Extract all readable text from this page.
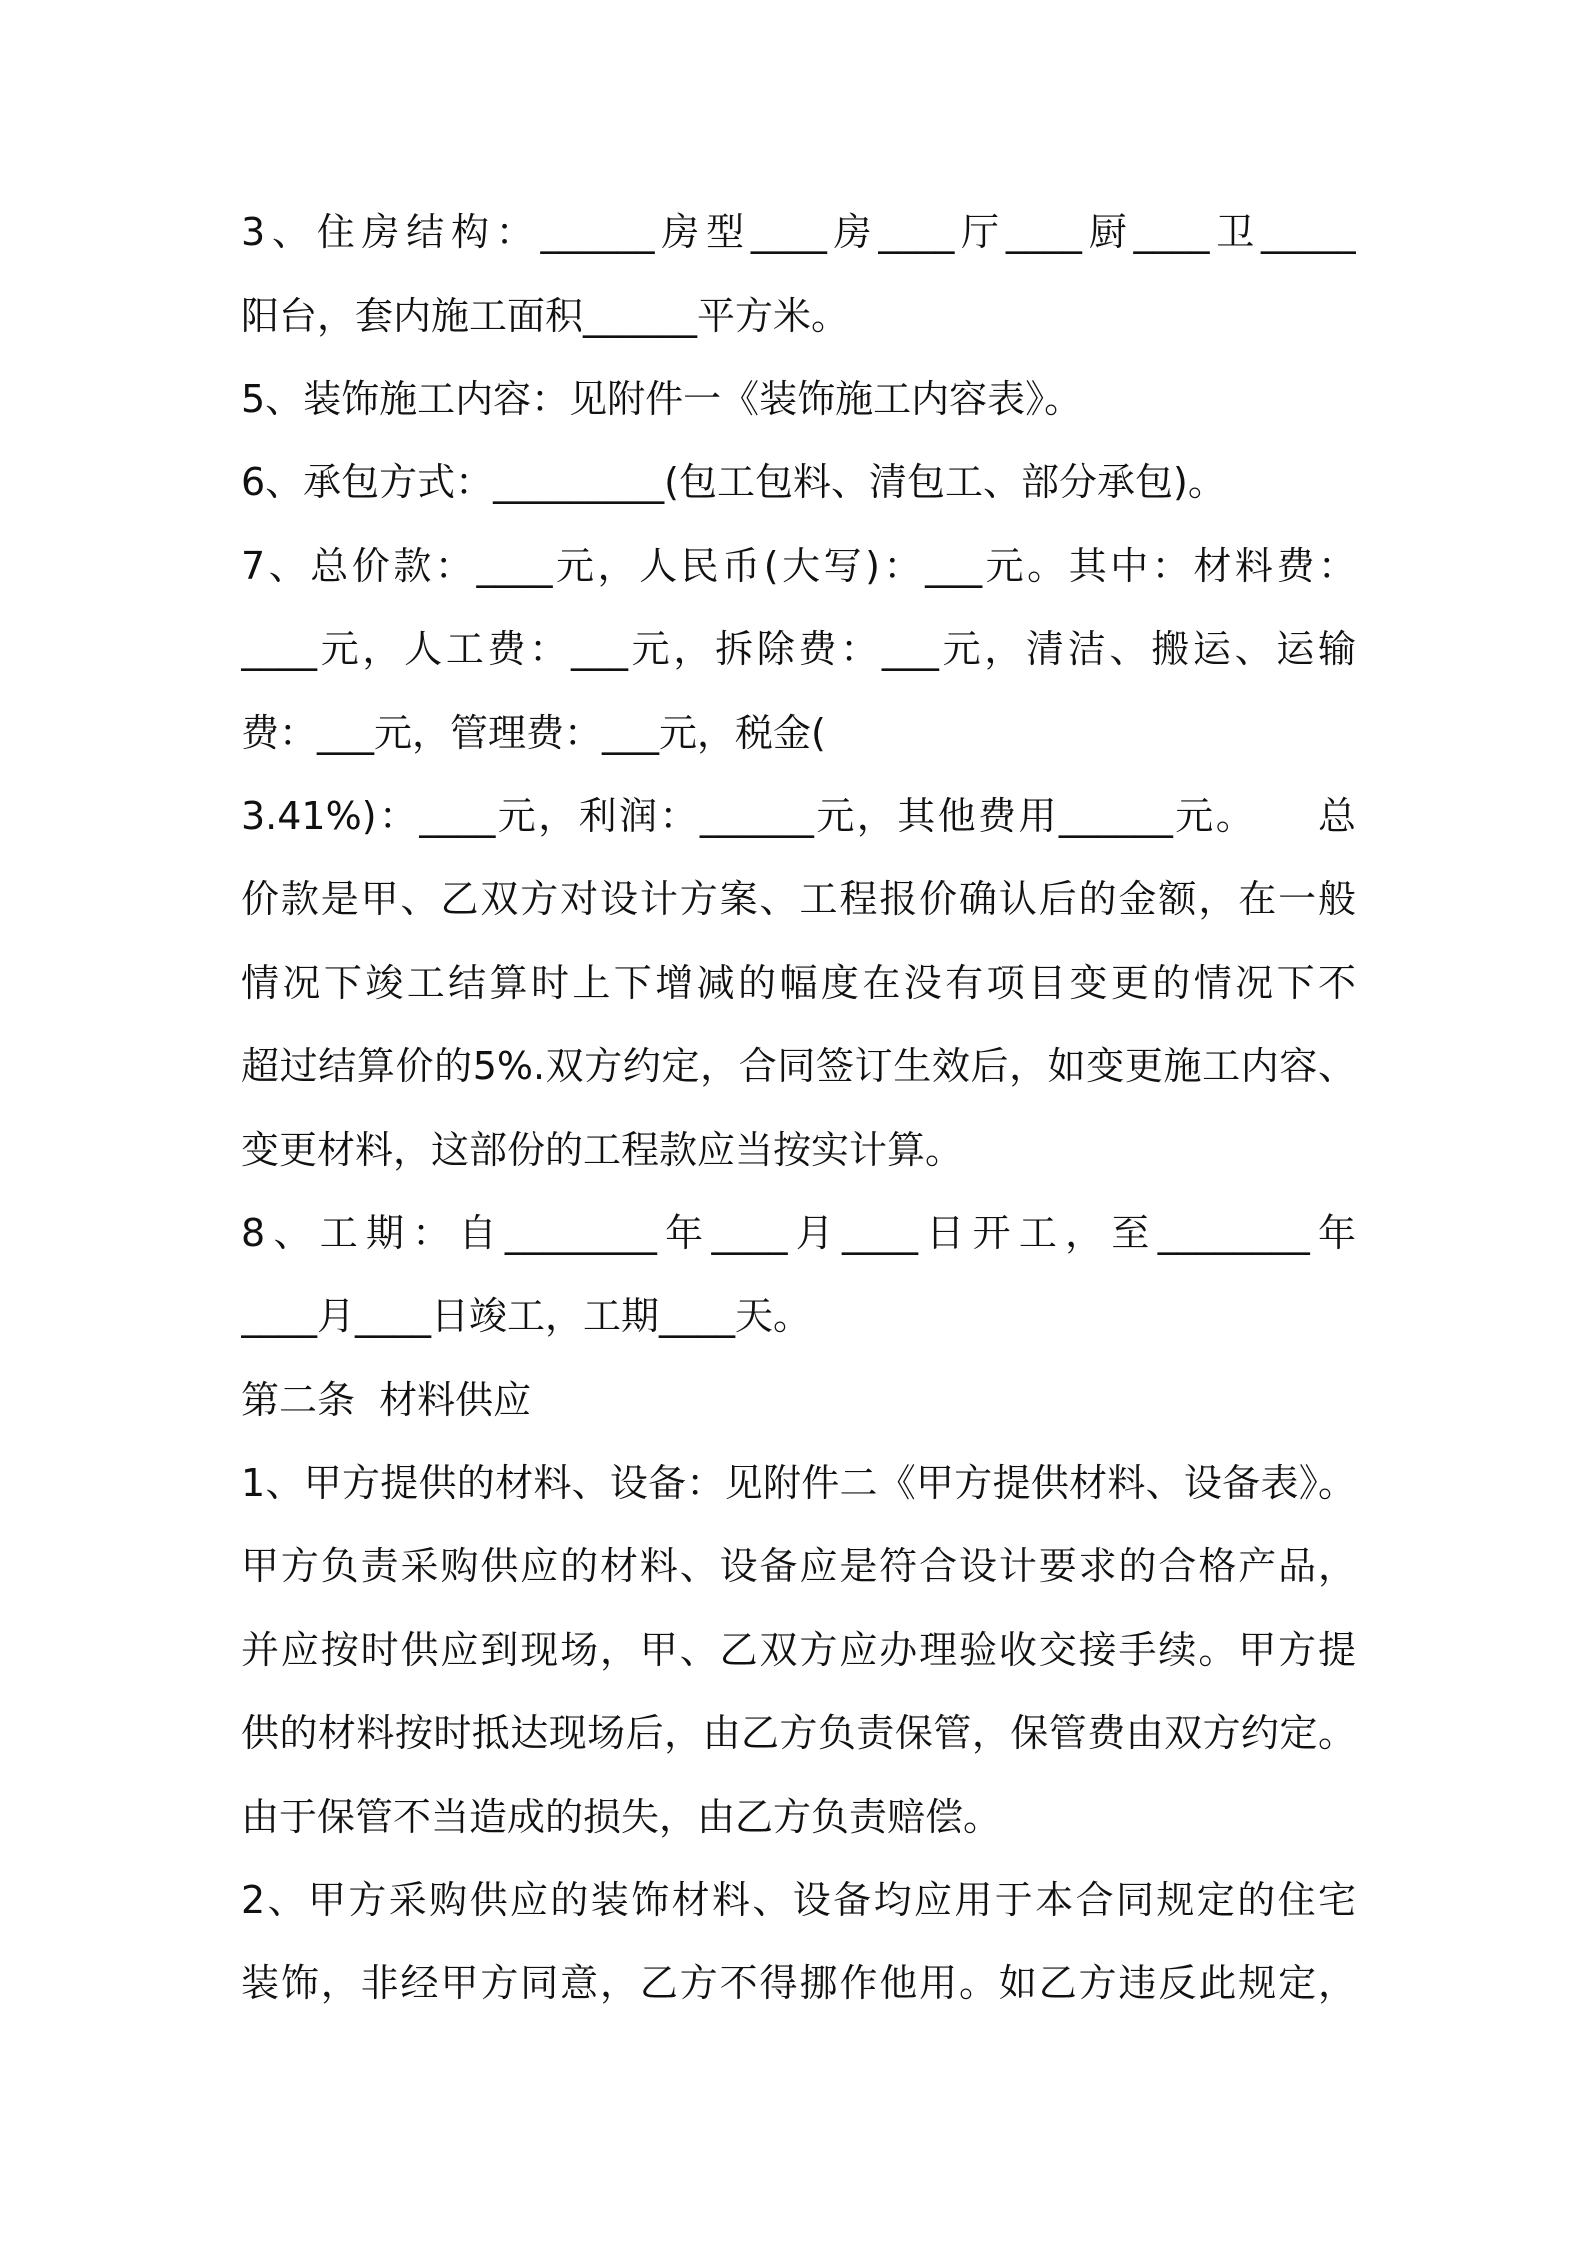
3、住房结构：______房型____房____厅____厨____卫_____
阳台，套内施工面积______平方米。
5、装饰施工内容：见附件一《装饰施工内容表》。
6、承包方式：_________(包工包料、清包工、部分承包)。
7、总价款：____元，人民币(大写)：___元。其中：材料费：
____元，人工费：___元，拆除费：___元，清洁、搬运、运输
费：___元，管理费：___元，税金(
3.41%)：____元，利润：______元，其他费用______元。　　总
价款是甲、乙双方对设计方案、工程报价确认后的金额，在一般
情况下竣工结算时上下增减的幅度在没有项目变更的情况下不
超过结算价的5%.双方约定，合同签订生效后，如变更施工内容、
变更材料，这部份的工程款应当按实计算。
8、工期：自________年____月____日开工，至________年
____月____日竣工，工期____天。
第二条  材料供应
1、甲方提供的材料、设备：见附件二《甲方提供材料、设备表》。
甲方负责采购供应的材料、设备应是符合设计要求的合格产品，
并应按时供应到现场，甲、乙双方应办理验收交接手续。甲方提
供的材料按时抵达现场后，由乙方负责保管，保管费由双方约定。
由于保管不当造成的损失，由乙方负责赔偿。
2、甲方采购供应的装饰材料、设备均应用于本合同规定的住宅
装饰，非经甲方同意，乙方不得挪作他用。如乙方违反此规定，
